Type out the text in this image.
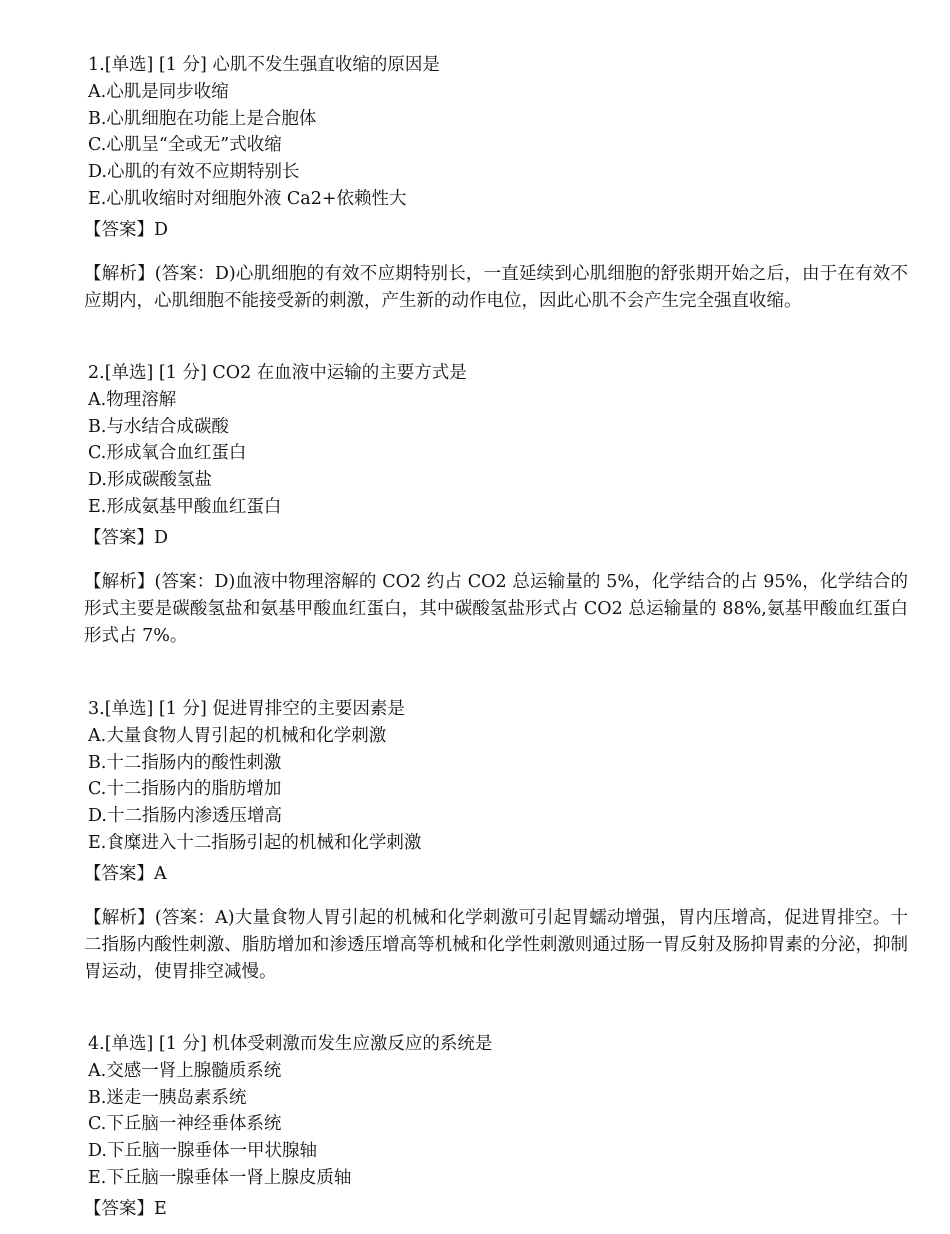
1.[单选] [1 分] 心肌不发生强直收缩的原因是
A.心肌是同步收缩
B.心肌细胞在功能上是合胞体
C.心肌呈“全或无”式收缩
D.心肌的有效不应期特别长
E.心肌收缩时对细胞外液 Ca2+依赖性大
【答案】D
【解析】(答案：D)心肌细胞的有效不应期特别长，一直延续到心肌细胞的舒张期开始之后，由于在有效不应期内，心肌细胞不能接受新的刺激，产生新的动作电位，因此心肌不会产生完全强直收缩。
2.[单选] [1 分] CO2 在血液中运输的主要方式是
A.物理溶解
B.与水结合成碳酸
C.形成氧合血红蛋白
D.形成碳酸氢盐
E.形成氨基甲酸血红蛋白
【答案】D
【解析】(答案：D)血液中物理溶解的 CO2 约占 CO2 总运输量的 5%，化学结合的占 95%，化学结合的形式主要是碳酸氢盐和氨基甲酸血红蛋白，其中碳酸氢盐形式占 CO2 总运输量的 88%,氨基甲酸血红蛋白形式占 7%。
3.[单选] [1 分] 促进胃排空的主要因素是
A.大量食物人胃引起的机械和化学刺激
B.十二指肠内的酸性刺激
C.十二指肠内的脂肪增加
D.十二指肠内渗透压增高
E.食糜进入十二指肠引起的机械和化学刺激
【答案】A
【解析】(答案：A)大量食物人胃引起的机械和化学刺激可引起胃蠕动增强，胃内压增高，促进胃排空。十二指肠内酸性刺激、脂肪增加和渗透压增高等机械和化学性刺激则通过肠一胃反射及肠抑胃素的分泌，抑制胃运动，使胃排空减慢。
4.[单选] [1 分] 机体受刺激而发生应激反应的系统是
A.交感一肾上腺髓质系统
B.迷走一胰岛素系统
C.下丘脑一神经垂体系统
D.下丘脑一腺垂体一甲状腺轴
E.下丘脑一腺垂体一肾上腺皮质轴
【答案】E
